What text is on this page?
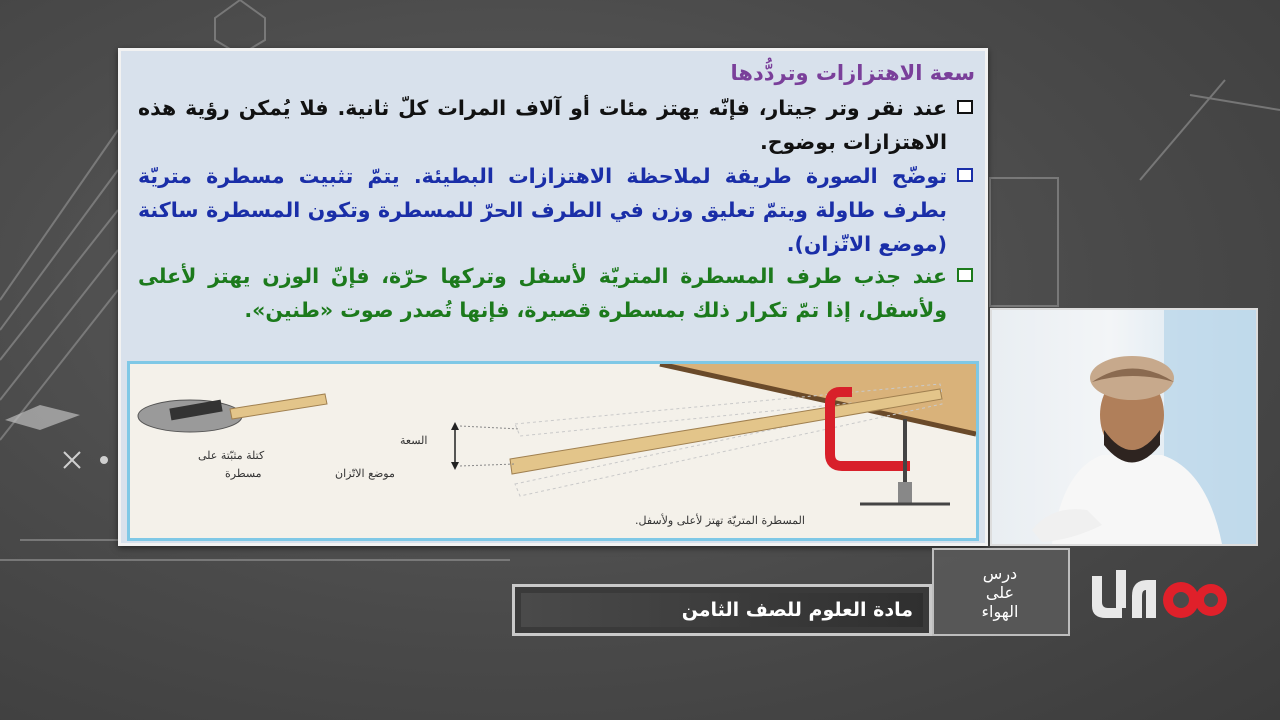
سعة الاهتزازات وتردُّدها
عند نقر وتر جيتار، فإنّه يهتز مئات أو آلاف المرات كلّ ثانية. فلا يُمكن رؤية هذه الاهتزازات بوضوح.
توضّح الصورة طريقة لملاحظة الاهتزازات البطيئة. يتمّ تثبيت مسطرة متريّة بطرف طاولة ويتمّ تعليق وزن في الطرف الحرّ للمسطرة وتكون المسطرة ساكنة (موضع الاتّزان).
عند جذب طرف المسطرة المتريّة لأسفل وتركها حرّة، فإنّ الوزن يهتز لأعلى ولأسفل، إذا تمّ تكرار ذلك بمسطرة قصيرة، فإنها تُصدر صوت «طنين».
كتلة مثبّتة على
مسطرة
السعة
موضع الاتّزان
المسطرة المتريّة تهتز لأعلى ولأسفل.
مادة العلوم للصف الثامن
درس
على
الهواء
